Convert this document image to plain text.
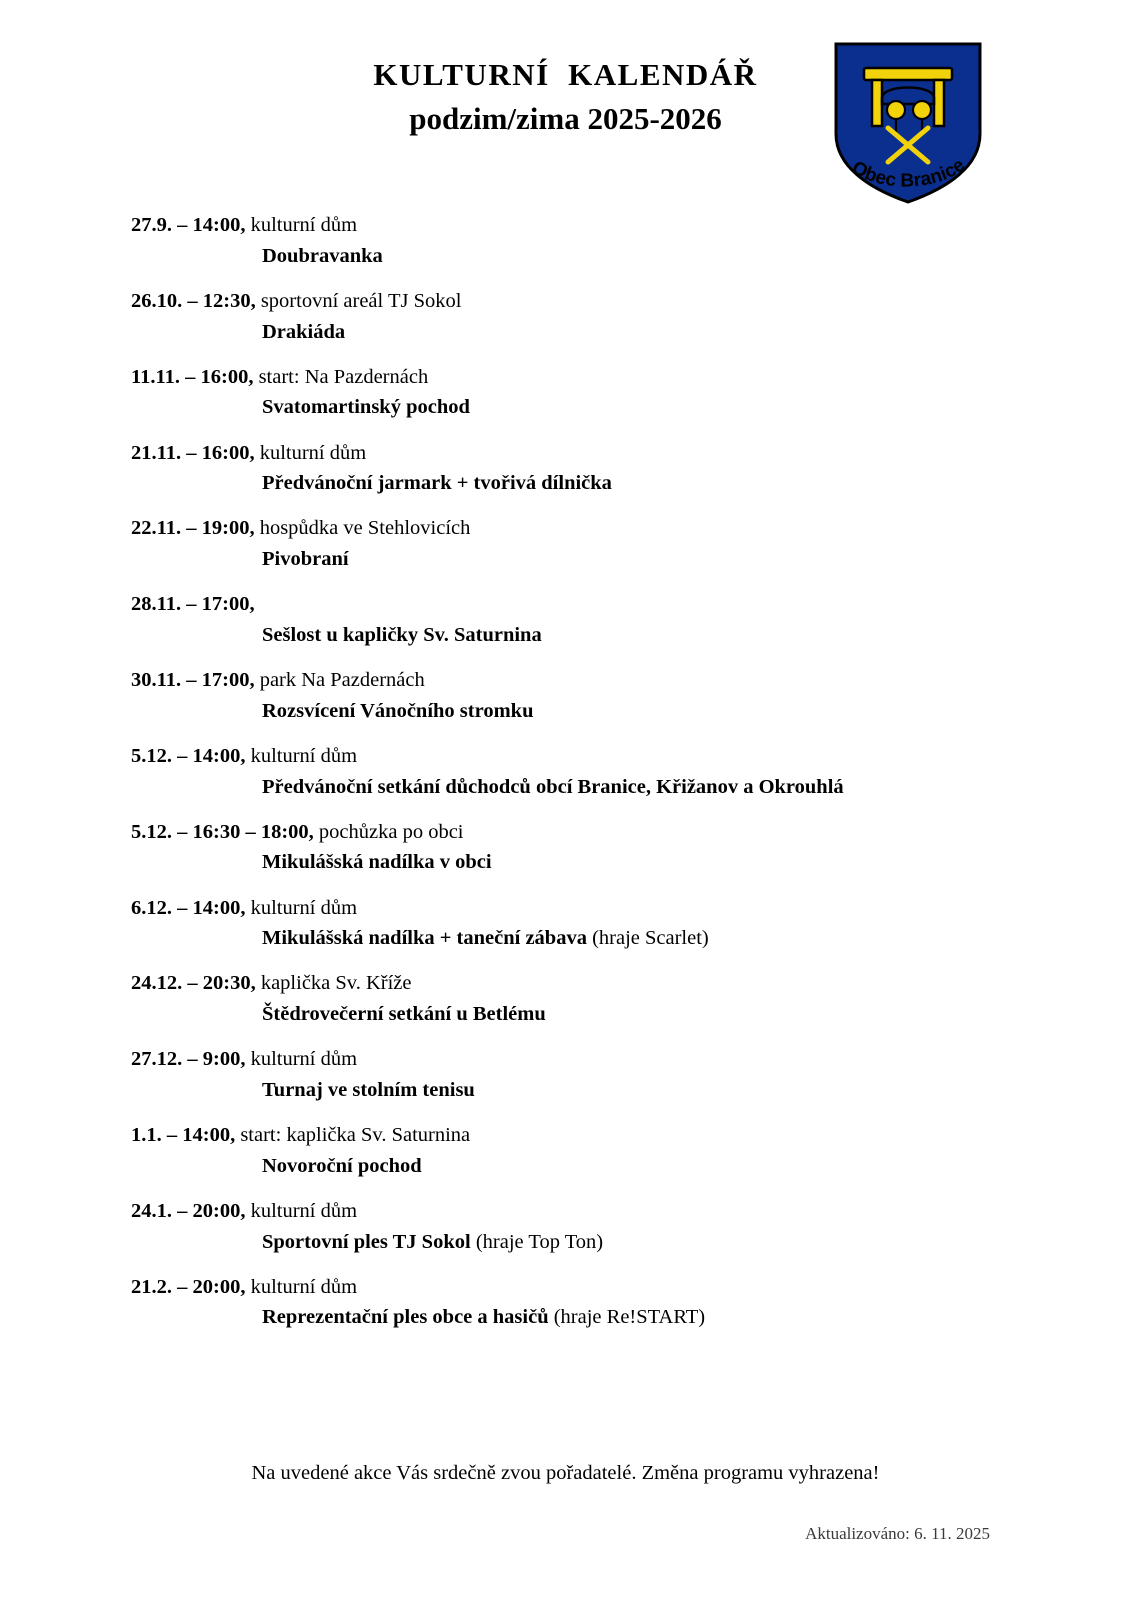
KULTURNÍ  KALENDÁŘ
podzim/zima 2025-2026
Obec Branice
27.9. – 14:00, kulturní dům
Doubravanka
26.10. – 12:30, sportovní areál TJ Sokol
Drakiáda
11.11. – 16:00, start: Na Pazdernách
Svatomartinský pochod
21.11. – 16:00, kulturní dům
Předvánoční jarmark + tvořivá dílnička
22.11. – 19:00, hospůdka ve Stehlovicích
Pivobraní
28.11. – 17:00,
Sešlost u kapličky Sv. Saturnina
30.11. – 17:00, park Na Pazdernách
Rozsvícení Vánočního stromku
5.12. – 14:00, kulturní dům
Předvánoční setkání důchodců obcí Branice, Křižanov a Okrouhlá
5.12. – 16:30 – 18:00, pochůzka po obci
Mikulášská nadílka v obci
6.12. – 14:00, kulturní dům
Mikulášská nadílka + taneční zábava (hraje Scarlet)
24.12. – 20:30, kaplička Sv. Kříže
Štědrovečerní setkání u Betlému
27.12. – 9:00, kulturní dům
Turnaj ve stolním tenisu
1.1. – 14:00, start: kaplička Sv. Saturnina
Novoroční pochod
24.1. – 20:00, kulturní dům
Sportovní ples TJ Sokol (hraje Top Ton)
21.2. – 20:00, kulturní dům
Reprezentační ples obce a hasičů (hraje Re!START)
Na uvedené akce Vás srdečně zvou pořadatelé. Změna programu vyhrazena!
Aktualizováno: 6. 11. 2025
